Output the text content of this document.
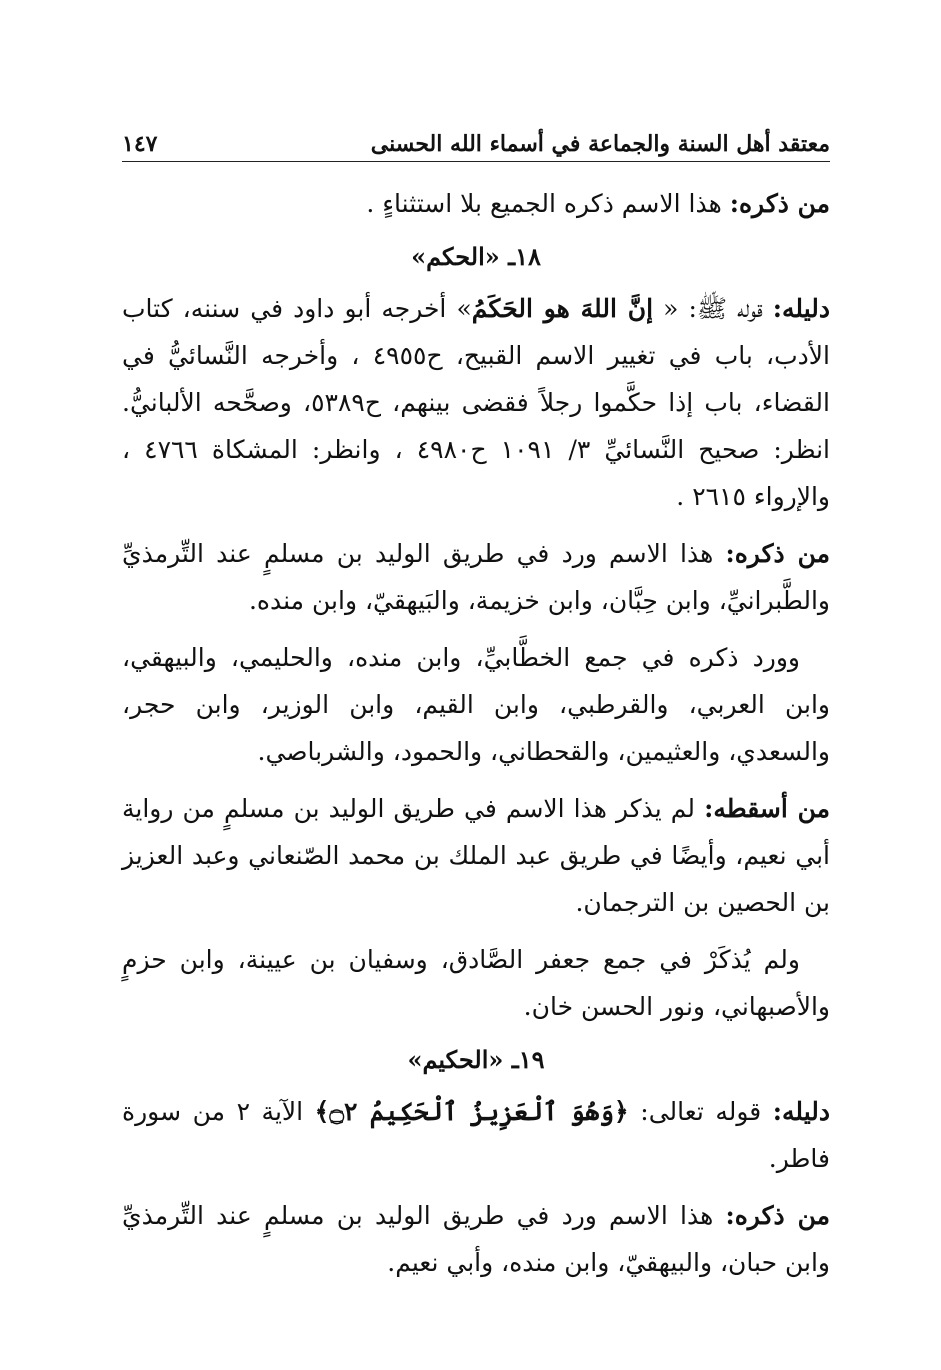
معتقد أهل السنة والجماعة في أسماء الله الحسنى
١٤٧

من ذكره: هذا الاسم ذكره الجميع بلا استثناءٍ .

١٨ـ «الحكم»

دليله: قوله ﷺ: « إنَّ اللهَ هو الحَكَمُ» أخرجه أبو داود في سننه، كتاب الأدب، باب في تغيير الاسم القبيح، ح٤٩٥٥ ، وأخرجه النَّسائيُّ في القضاء، باب إذا حكَّموا رجلاً فقضى بينهم، ح٥٣٨٩، وصحَّحه الألبانيُّ. انظر: صحيح النَّسائيِّ ٣/ ١٠٩١ ح٤٩٨٠ ، وانظر: المشكاة ٤٧٦٦ ، والإرواء ٢٦١٥ .

من ذكره: هذا الاسم ورد في طريق الوليد بن مسلمٍ عند التِّرمذيِّ والطَّبرانيِّ، وابن حِبَّان، وابن خزيمة، والبَيهقيّ، وابن منده.

وورد ذكره في جمع الخطَّابيِّ، وابن منده، والحليمي، والبيهقي، وابن العربي، والقرطبي، وابن القيم، وابن الوزير، وابن حجر، والسعدي، والعثيمين، والقحطاني، والحمود، والشرباصي.

من أسقطه: لم يذكر هذا الاسم في طريق الوليد بن مسلمٍ من رواية أبي نعيم، وأيضًا في طريق عبد الملك بن محمد الصّنعاني وعبد العزيز بن الحصين بن الترجمان.

ولم يُذكَرْ في جمع جعفر الصَّادق، وسفيان بن عيينة، وابن حزمٍ والأصبهاني، ونور الحسن خان.

١٩ـ «الحكيم»

دليله: قوله تعالى: ﴿وَهُوَ ٱلْعَزِيزُ ٱلْحَكِيمُ ۝٢﴾ الآية ٢ من سورة فاطر.

من ذكره: هذا الاسم ورد في طريق الوليد بن مسلمٍ عند التِّرمذيِّ وابن حبان، والبيهقيّ، وابن منده، وأبي نعيم.
